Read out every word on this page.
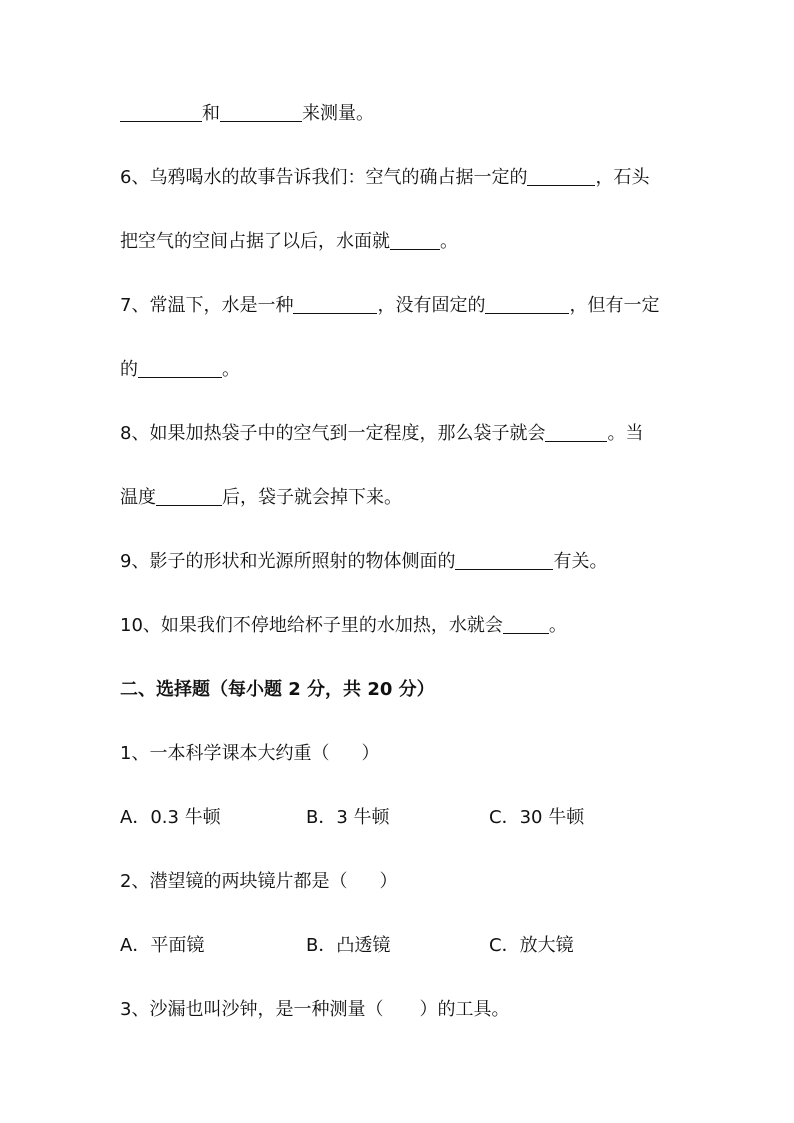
和	来测量。
6、乌鸦喝水的故事告诉我们：空气的确占据一定的	，石头
把空气的空间占据了以后，水面就	。
7、常温下，水是一种	，没有固定的	，但有一定
的	。
8、如果加热袋子中的空气到一定程度，那么袋子就会	。当
温度	后，袋子就会掉下来。
9、影子的形状和光源所照射的物体侧面的	有关。
10、如果我们不停地给杯子里的水加热，水就会	。
二、选择题（每小题 2 分，共 20 分）
1、一本科学课本大约重（ ）
A．0.3 牛顿	B．3 牛顿	C．30 牛顿
2、潜望镜的两块镜片都是（ ）
A．平面镜	B．凸透镜	C．放大镜
3、沙漏也叫沙钟，是一种测量（ ）的工具。
